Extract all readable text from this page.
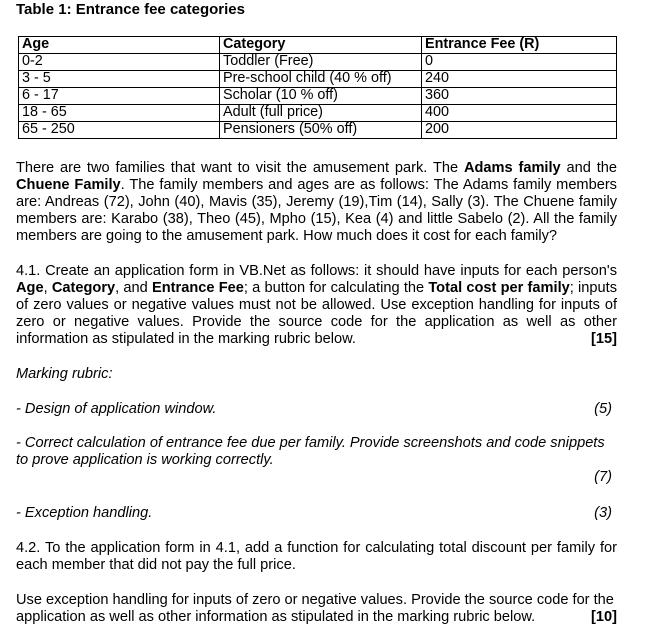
Table 1: Entrance fee categories
Age	Category	Entrance Fee (R)
0-2	Toddler (Free)	0
3 - 5	Pre-school child (40 % off)	240
6 - 17	Scholar (10 % off)	360
18 - 65	Adult (full price)	400
65 - 250	Pensioners (50% off)	200
There are two families that want to visit the amusement park. The Adams family and the Chuene Family. The family members and ages are as follows: The Adams family members are: Andreas (72), John (40), Mavis (35), Jeremy (19),Tim (14), Sally (3). The Chuene family members are: Karabo (38), Theo (45), Mpho (15), Kea (4) and little Sabelo (2). All the family members are going to the amusement park. How much does it cost for each family?
4.1. Create an application form in VB.Net as follows: it should have inputs for each person's Age, Category, and Entrance Fee; a button for calculating the Total cost per family; inputs of zero values or negative values must not be allowed. Use exception handling for inputs of zero or negative values. Provide the source code for the application as well as other information as stipulated in the marking rubric below.	[15]
Marking rubric:
(5)
- Design of application window.
- Correct calculation of entrance fee due per family. Provide screenshots and code snippets to prove application is working correctly.
(7)
(3)
- Exception handling.
4.2. To the application form in 4.1, add a function for calculating total discount per family for each member that did not pay the full price.
Use exception handling for inputs of zero or negative values. Provide the source code for the
application as well as other information as stipulated in the marking rubric below.	[10]
